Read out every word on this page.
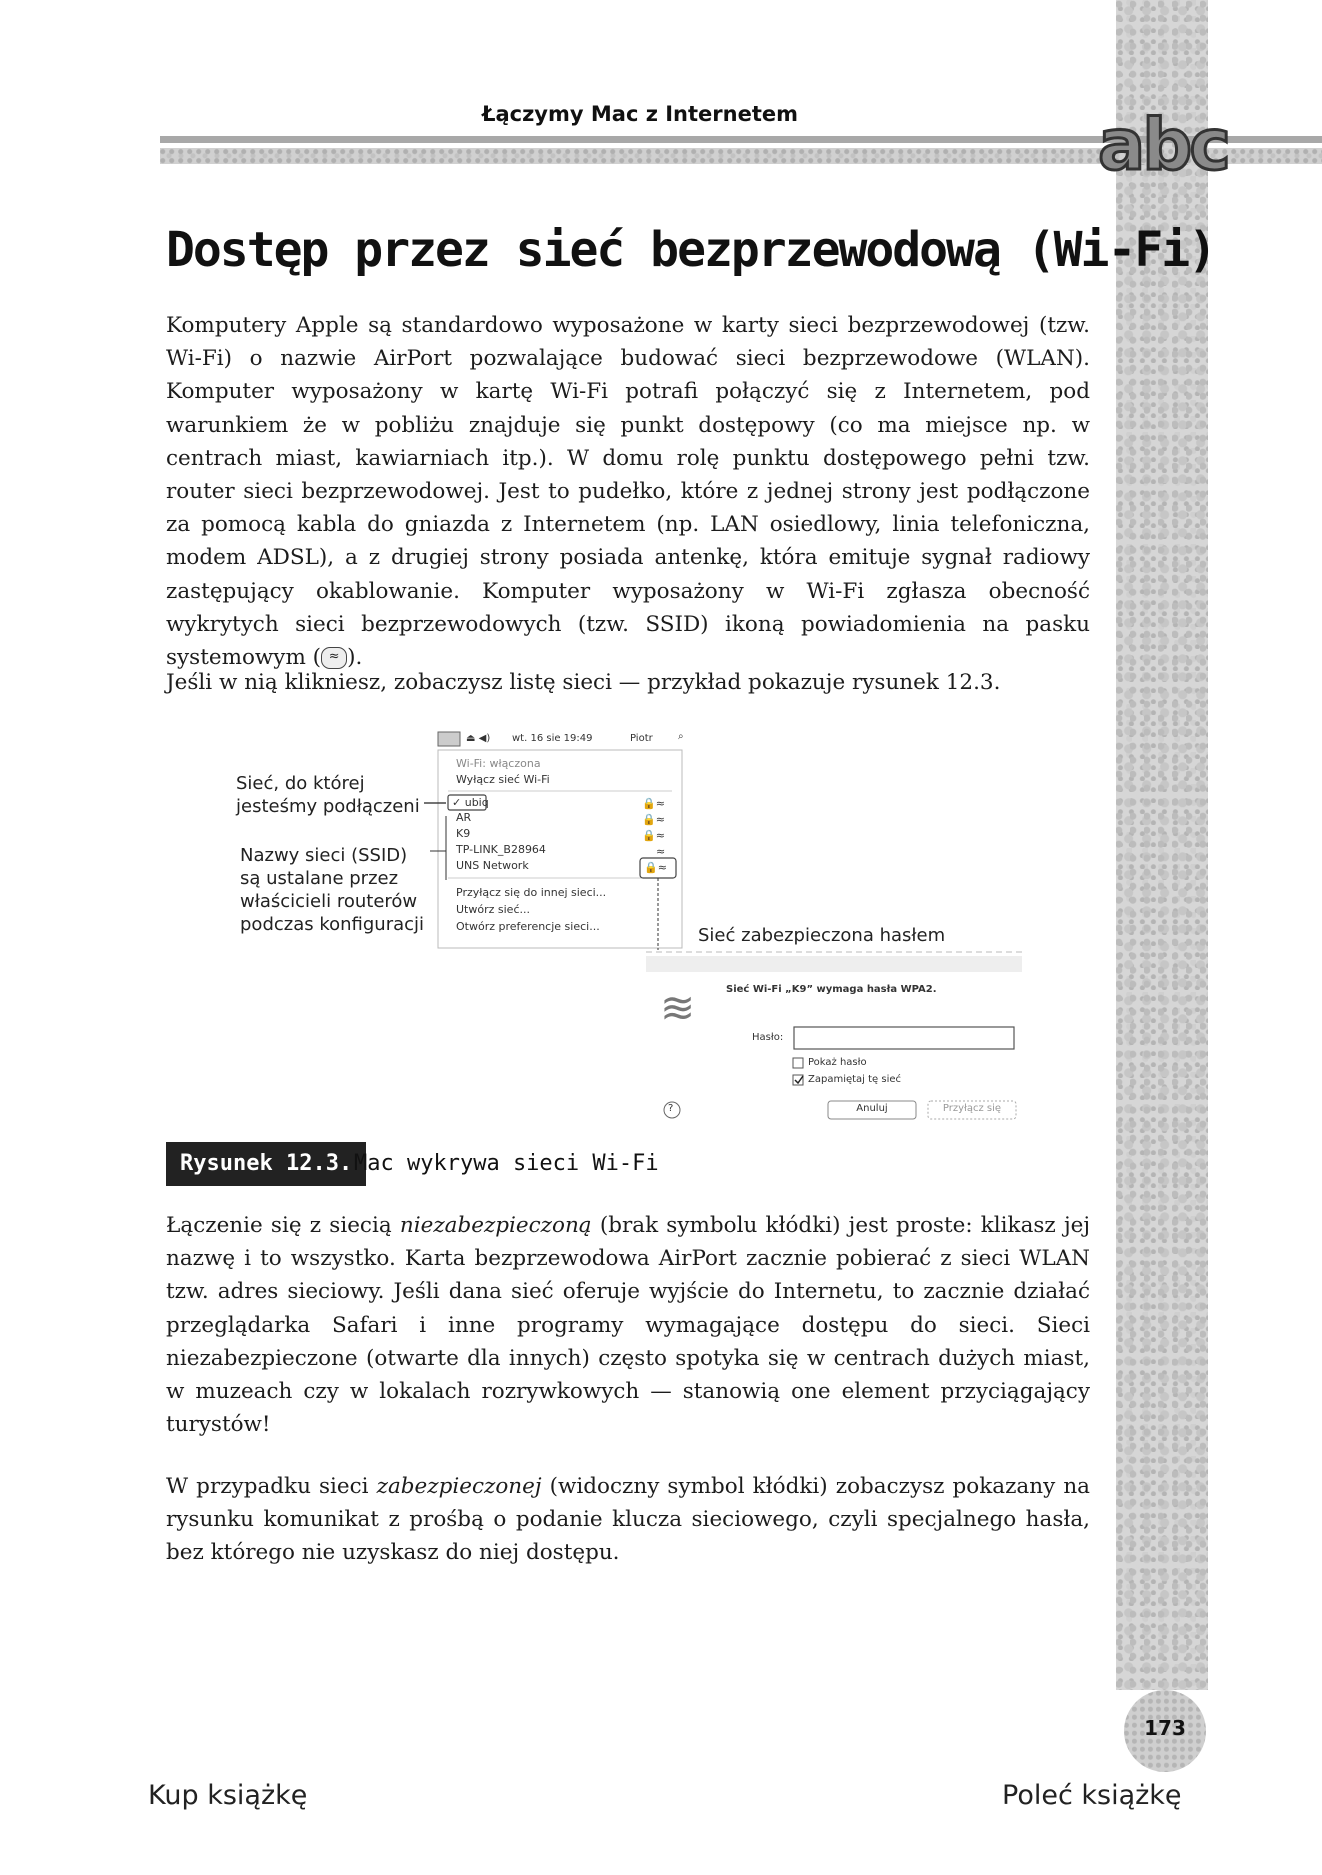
Łączymy Mac z Internetem	abc
Dostęp przez sieć bezprzewodową (Wi-Fi)
Komputery Apple są standardowo wyposażone w karty sieci bezprzewodowej (tzw. Wi-Fi) o nazwie AirPort pozwalające budować sieci bezprzewodowe (WLAN). Komputer wyposażony w kartę Wi-Fi potrafi połączyć się z Internetem, pod warunkiem że w pobliżu znajduje się punkt dostępowy (co ma miejsce np. w centrach miast, kawiarniach itp.). W domu rolę punktu dostępowego pełni tzw. router sieci bezprzewodowej. Jest to pudełko, które z jednej strony jest podłączone za pomocą kabla do gniazda z Internetem (np. LAN osiedlowy, linia telefoniczna, modem ADSL), a z drugiej strony posiada antenkę, która emituje sygnał radiowy zastępujący okablowanie. Komputer wyposażony w Wi-Fi zgłasza obecność wykrytych sieci bezprzewodowych (tzw. SSID) ikoną powiadomienia na pasku systemowym ( ≈ ).
Jeśli w nią klikniesz, zobaczysz listę sieci — przykład pokazuje rysunek 12.3.
≋
⏏ ◀) wt. 16 sie 19:49	Piotr	⌕
Wi-Fi: włączona
Wyłącz sieć Wi-Fi
✓ ubiq
AR
K9
TP-LINK_B28964
UNS Network
🔒≈
🔒≈
🔒≈
≈
🔒≈
Przyłącz się do innej sieci...
Utwórz sieć...
Otwórz preferencje sieci...
Sieć, do której
jesteśmy podłączeni
Nazwy sieci (SSID)
są ustalane przez
właścicieli routerów
podczas konfiguracji
Sieć zabezpieczona hasłem
Sieć Wi-Fi „K9” wymaga hasła WPA2.
Hasło:
Pokaż hasło
Zapamiętaj tę sieć
Anuluj	Przyłącz się
?
Rysunek 12.3. Mac wykrywa sieci Wi-Fi
Łączenie się z siecią niezabezpieczoną (brak symbolu kłódki) jest proste: klikasz jej nazwę i to wszystko. Karta bezprzewodowa AirPort zacznie pobierać z sieci WLAN tzw. adres sieciowy. Jeśli dana sieć oferuje wyjście do Internetu, to zacznie działać przeglądarka Safari i inne programy wymagające dostępu do sieci. Sieci niezabezpieczone (otwarte dla innych) często spotyka się w centrach dużych miast, w muzeach czy w lokalach rozrywkowych — stanowią one element przyciągający turystów!
W przypadku sieci zabezpieczonej (widoczny symbol kłódki) zobaczysz pokazany na rysunku komunikat z prośbą o podanie klucza sieciowego, czyli specjalnego hasła, bez którego nie uzyskasz do niej dostępu.
173
Kup książkę	Poleć książkę
